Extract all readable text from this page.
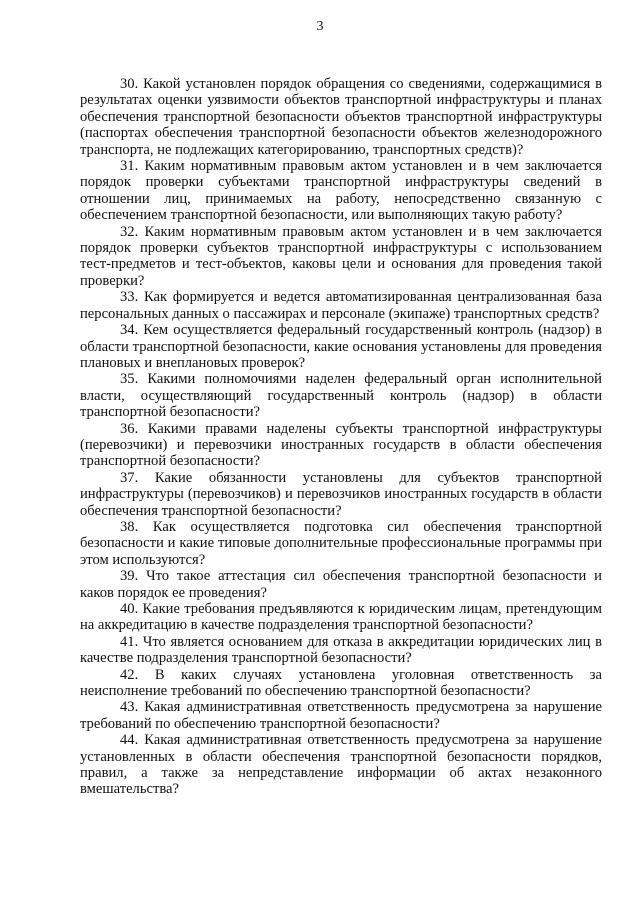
3

30. Какой установлен порядок обращения со сведениями, содержащимися в результатах оценки уязвимости объектов транспортной инфраструктуры и планах обеспечения транспортной безопасности объектов транспортной инфраструктуры (паспортах обеспечения транспортной безопасности объектов железнодорожного транспорта, не подлежащих категорированию, транспортных средств)?

31. Каким нормативным правовым актом установлен и в чем заключается порядок проверки субъектами транспортной инфраструктуры сведений в отношении лиц, принимаемых на работу, непосредственно связанную с обеспечением транспортной безопасности, или выполняющих такую работу?

32. Каким нормативным правовым актом установлен и в чем заключается порядок проверки субъектов транспортной инфраструктуры с использованием тест-предметов и тест-объектов, каковы цели и основания для проведения такой проверки?

33. Как формируется и ведется автоматизированная централизованная база персональных данных о пассажирах и персонале (экипаже) транспортных средств?

34. Кем осуществляется федеральный государственный контроль (надзор) в области транспортной безопасности, какие основания установлены для проведения плановых и внеплановых проверок?

35. Какими полномочиями наделен федеральный орган исполнительной власти, осуществляющий государственный контроль (надзор) в области транспортной безопасности?

36. Какими правами наделены субъекты транспортной инфраструктуры (перевозчики) и перевозчики иностранных государств в области обеспечения транспортной безопасности?

37. Какие обязанности установлены для субъектов транспортной инфраструктуры (перевозчиков) и перевозчиков иностранных государств в области обеспечения транспортной безопасности?

38. Как осуществляется подготовка сил обеспечения транспортной безопасности и какие типовые дополнительные профессиональные программы при этом используются?

39. Что такое аттестация сил обеспечения транспортной безопасности и каков порядок ее проведения?

40. Какие требования предъявляются к юридическим лицам, претендующим на аккредитацию в качестве подразделения транспортной безопасности?

41. Что является основанием для отказа в аккредитации юридических лиц в качестве подразделения транспортной безопасности?

42. В каких случаях установлена уголовная ответственность за неисполнение требований по обеспечению транспортной безопасности?

43. Какая административная ответственность предусмотрена за нарушение требований по обеспечению транспортной безопасности?

44. Какая административная ответственность предусмотрена за нарушение установленных в области обеспечения транспортной безопасности порядков, правил, а также за непредставление информации об актах незаконного вмешательства?
